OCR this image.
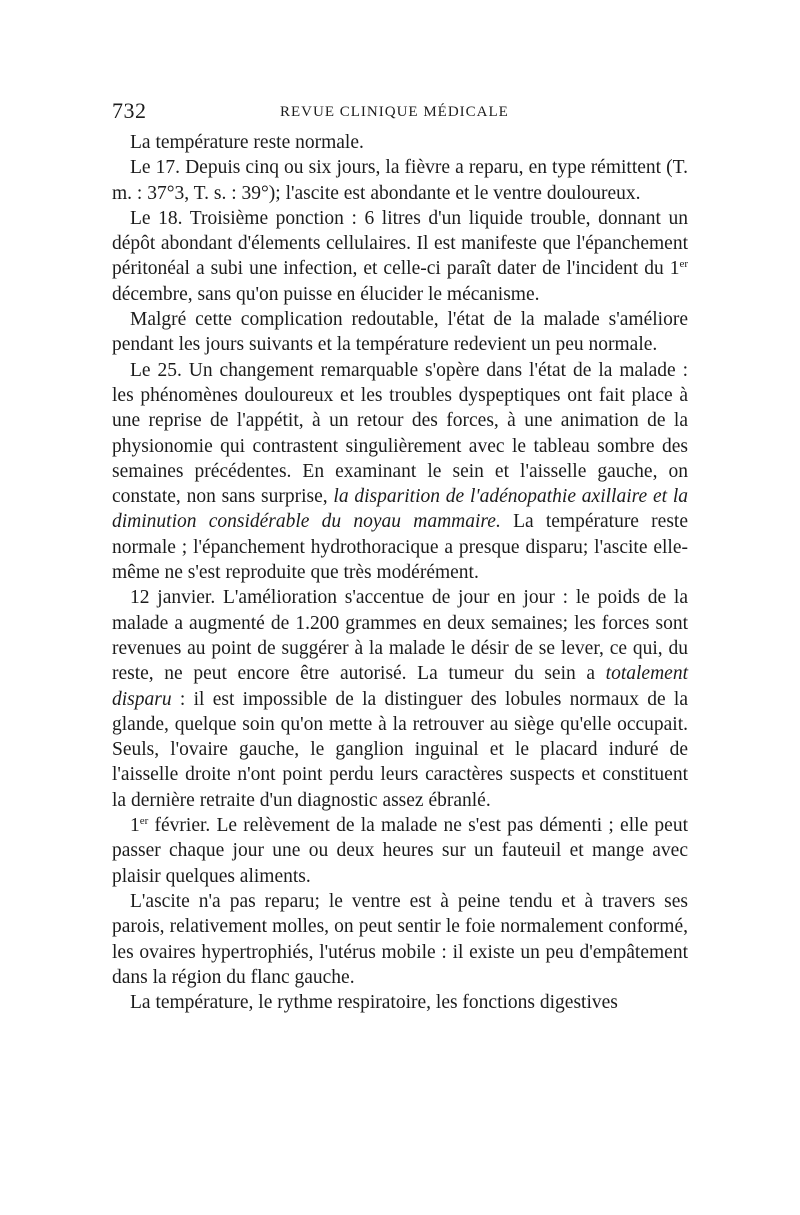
732	REVUE CLINIQUE MÉDICALE

La température reste normale.

Le 17. Depuis cinq ou six jours, la fièvre a reparu, en type rémittent (T. m. : 37°3, T. s. : 39°); l'ascite est abondante et le ventre douloureux.

Le 18. Troisième ponction : 6 litres d'un liquide trouble, donnant un dépôt abondant d'élements cellulaires. Il est manifeste que l'épanchement péritonéal a subi une infection, et celle-ci paraît dater de l'incident du 1er décembre, sans qu'on puisse en élucider le mécanisme.

Malgré cette complication redoutable, l'état de la malade s'améliore pendant les jours suivants et la température redevient un peu normale.

Le 25. Un changement remarquable s'opère dans l'état de la malade : les phénomènes douloureux et les troubles dyspeptiques ont fait place à une reprise de l'appétit, à un retour des forces, à une animation de la physionomie qui contrastent singulièrement avec le tableau sombre des semaines précédentes. En examinant le sein et l'aisselle gauche, on constate, non sans surprise, la disparition de l'adénopathie axillaire et la diminution considérable du noyau mammaire. La température reste normale ; l'épanchement hydrothoracique a presque disparu; l'ascite elle-même ne s'est reproduite que très modérément.

12 janvier. L'amélioration s'accentue de jour en jour : le poids de la malade a augmenté de 1.200 grammes en deux semaines; les forces sont revenues au point de suggérer à la malade le désir de se lever, ce qui, du reste, ne peut encore être autorisé. La tumeur du sein a totalement disparu : il est impossible de la distinguer des lobules normaux de la glande, quelque soin qu'on mette à la retrouver au siège qu'elle occupait. Seuls, l'ovaire gauche, le ganglion inguinal et le placard induré de l'aisselle droite n'ont point perdu leurs caractères suspects et constituent la dernière retraite d'un diagnostic assez ébranlé.

1er février. Le relèvement de la malade ne s'est pas démenti ; elle peut passer chaque jour une ou deux heures sur un fauteuil et mange avec plaisir quelques aliments.

L'ascite n'a pas reparu; le ventre est à peine tendu et à travers ses parois, relativement molles, on peut sentir le foie normalement conformé, les ovaires hypertrophiés, l'utérus mobile : il existe un peu d'empâtement dans la région du flanc gauche.

La température, le rythme respiratoire, les fonctions digestives
